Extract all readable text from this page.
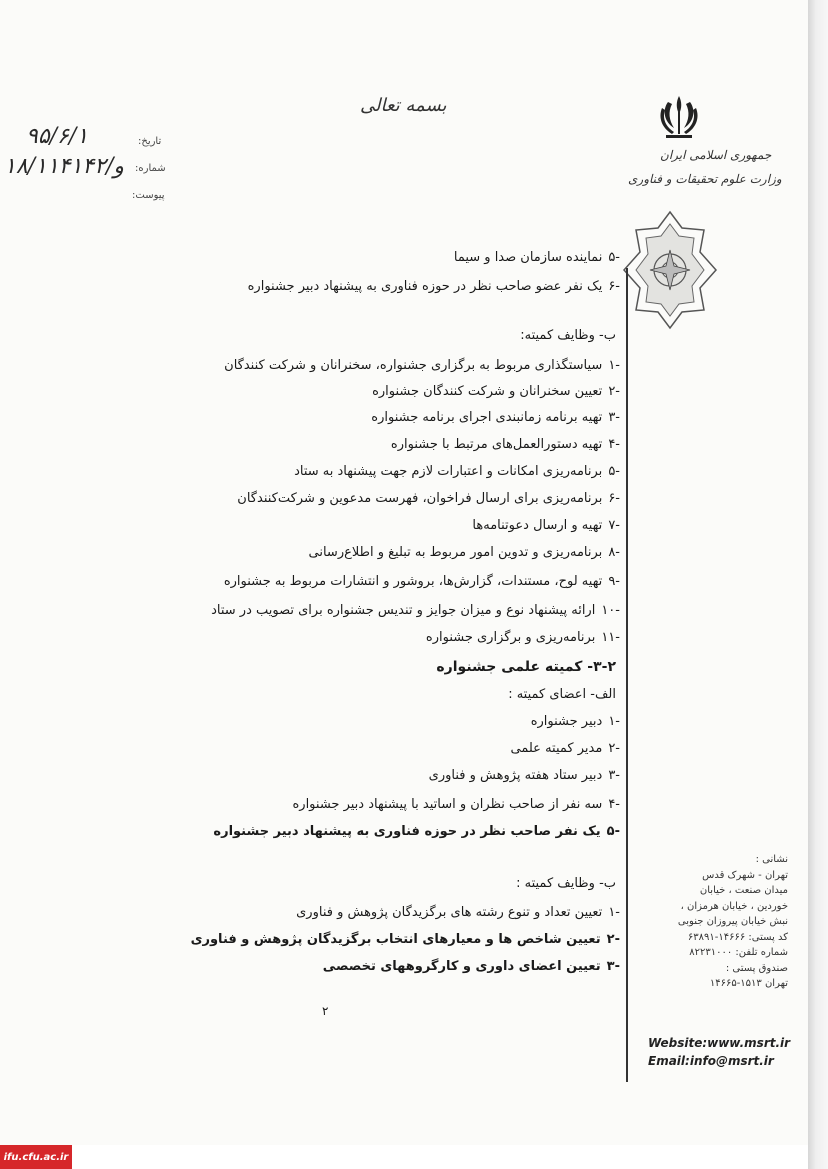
تاریخ:
شماره:
پیوست:
۹۵/۶/۱
۱۸/۱۱۴۱۴۲/و
بسمه تعالی
جمهوری اسلامی ایران
وزارت علوم تحقیقات و فناوری
-۵نماینده سازمان صدا و سیما
-۶یک نفر عضو صاحب نظر در حوزه فناوری به پیشنهاد دبیر جشنواره
ب- وظایف کمیته:
-۱سیاستگذاری مربوط به برگزاری جشنواره، سخنرانان و شرکت کنندگان
-۲تعیین سخنرانان و شرکت کنندگان جشنواره
-۳تهیه برنامه زمانبندی اجرای برنامه جشنواره
-۴تهیه دستورالعمل‌های مرتبط با جشنواره
-۵برنامه‌ریزی امکانات و اعتبارات لازم جهت پیشنهاد به ستاد
-۶برنامه‌ریزی برای ارسال فراخوان، فهرست مدعوین و شرکت‌کنندگان
-۷تهیه و ارسال دعوتنامه‌ها
-۸برنامه‌ریزی و تدوین امور مربوط به تبلیغ و اطلاع‌رسانی
-۹تهیه لوح، مستندات، گزارش‌ها، بروشور و انتشارات مربوط به جشنواره
-۱۰ارائه پیشنهاد نوع و میزان جوایز و تندیس جشنواره برای تصویب در ستاد
-۱۱برنامه‌ریزی و برگزاری جشنواره
۳-۲- کمیته علمی جشنواره
الف- اعضای کمیته :
-۱دبیر جشنواره
-۲مدیر کمیته علمی
-۳دبیر ستاد هفته پژوهش و فناوری
-۴سه نفر از صاحب نظران و اساتید با پیشنهاد دبیر جشنواره
-۵یک نفر صاحب نظر در حوزه فناوری به پیشنهاد دبیر جشنواره
ب- وظایف کمیته :
-۱تعیین تعداد و تنوع رشته های برگزیدگان پژوهش و فناوری
-۲تعیین شاخص ها و معیارهای انتخاب برگزیدگان پژوهش و فناوری
-۳تعیین اعضای داوری و کارگروههای تخصصی
۲
نشانی :
تهران - شهرک قدس
میدان صنعت ، خیابان
خوردین ، خیابان هرمزان ،
نبش خیابان پیروزان جنوبی
کد پستی: ۱۴۶۶۶-۶۳۸۹۱
شماره تلفن: ۸۲۲۳۱۰۰۰
صندوق پستی :
تهران ۱۵۱۳-۱۴۶۶۵
Website:www.msrt.ir
Email:info@msrt.ir
ifu.cfu.ac.ir
